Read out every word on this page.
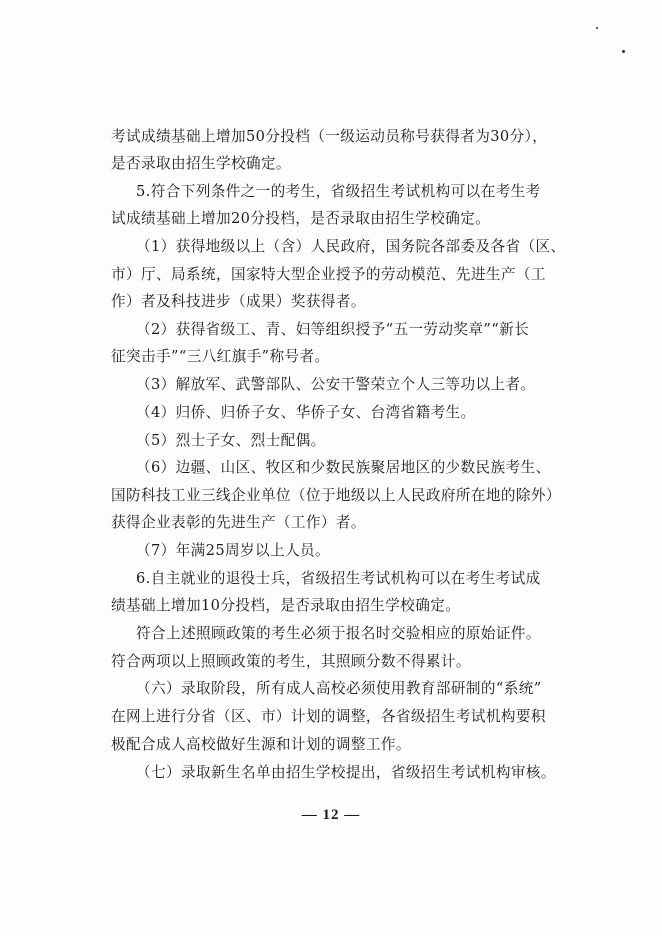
考试成绩基础上增加50分投档（一级运动员称号获得者为30分），
是否录取由招生学校确定。
5.符合下列条件之一的考生，省级招生考试机构可以在考生考
试成绩基础上增加20分投档，是否录取由招生学校确定。
（1）获得地级以上（含）人民政府，国务院各部委及各省（区、
市）厅、局系统，国家特大型企业授予的劳动模范、先进生产（工
作）者及科技进步（成果）奖获得者。
（2）获得省级工、青、妇等组织授予“五一劳动奖章”“新长
征突击手”“三八红旗手”称号者。
（3）解放军、武警部队、公安干警荣立个人三等功以上者。
（4）归侨、归侨子女、华侨子女、台湾省籍考生。
（5）烈士子女、烈士配偶。
（6）边疆、山区、牧区和少数民族聚居地区的少数民族考生、
国防科技工业三线企业单位（位于地级以上人民政府所在地的除外）
获得企业表彰的先进生产（工作）者。
（7）年满25周岁以上人员。
6.自主就业的退役士兵，省级招生考试机构可以在考生考试成
绩基础上增加10分投档，是否录取由招生学校确定。
符合上述照顾政策的考生必须于报名时交验相应的原始证件。
符合两项以上照顾政策的考生，其照顾分数不得累计。
（六）录取阶段，所有成人高校必须使用教育部研制的“系统”
在网上进行分省（区、市）计划的调整，各省级招生考试机构要积
极配合成人高校做好生源和计划的调整工作。
（七）录取新生名单由招生学校提出，省级招生考试机构审核。
— 12 —
